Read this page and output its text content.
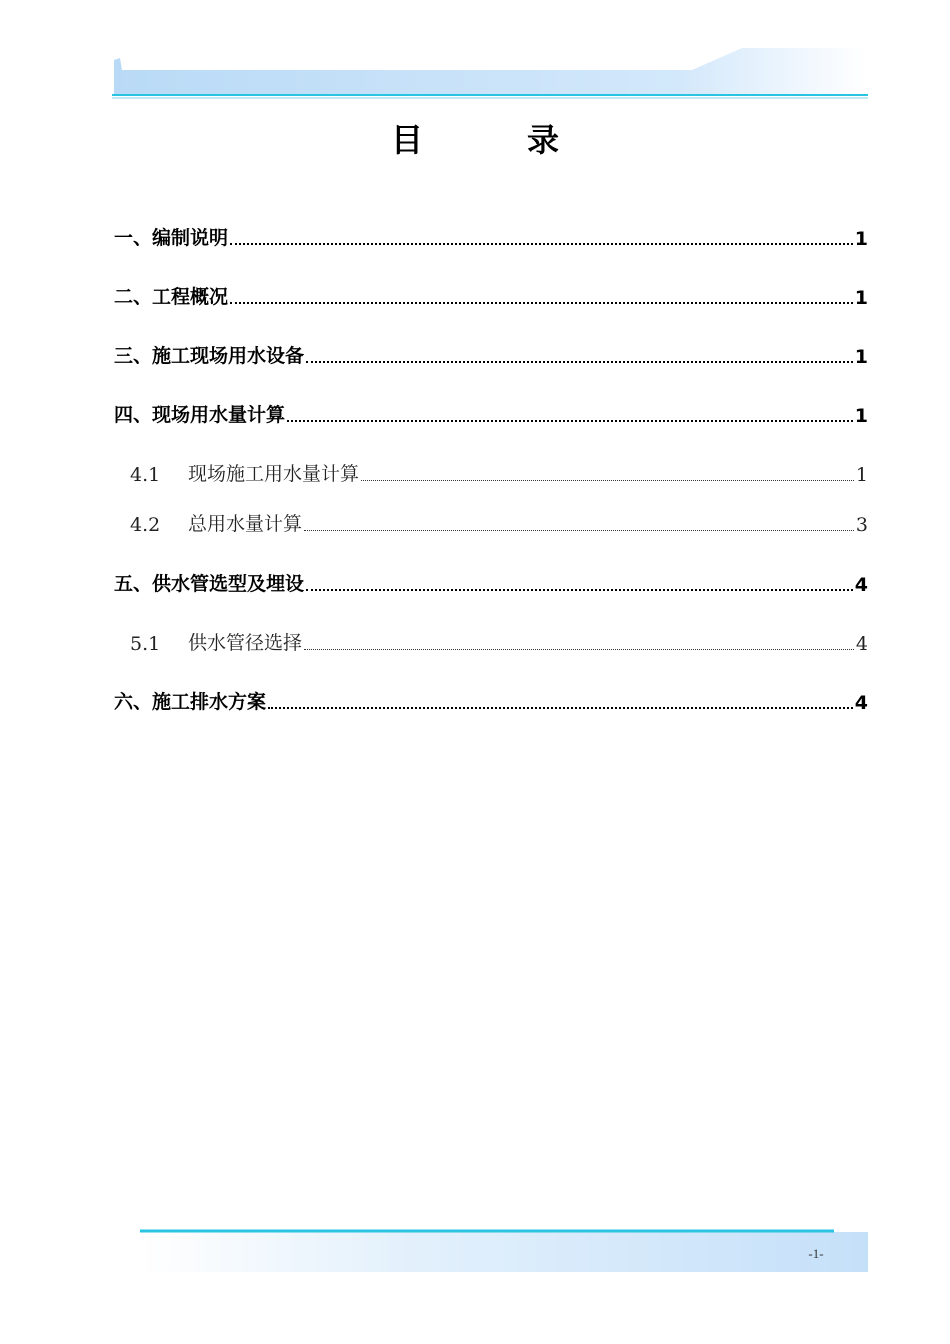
目　录
一、编制说明	1
二、工程概况	1
三、施工现场用水设备	1
四、现场用水量计算	1
4.1	现场施工用水量计算	1
4.2	总用水量计算	3
五、供水管选型及埋设	4
5.1	供水管径选择	4
六、施工排水方案	4
-1-
